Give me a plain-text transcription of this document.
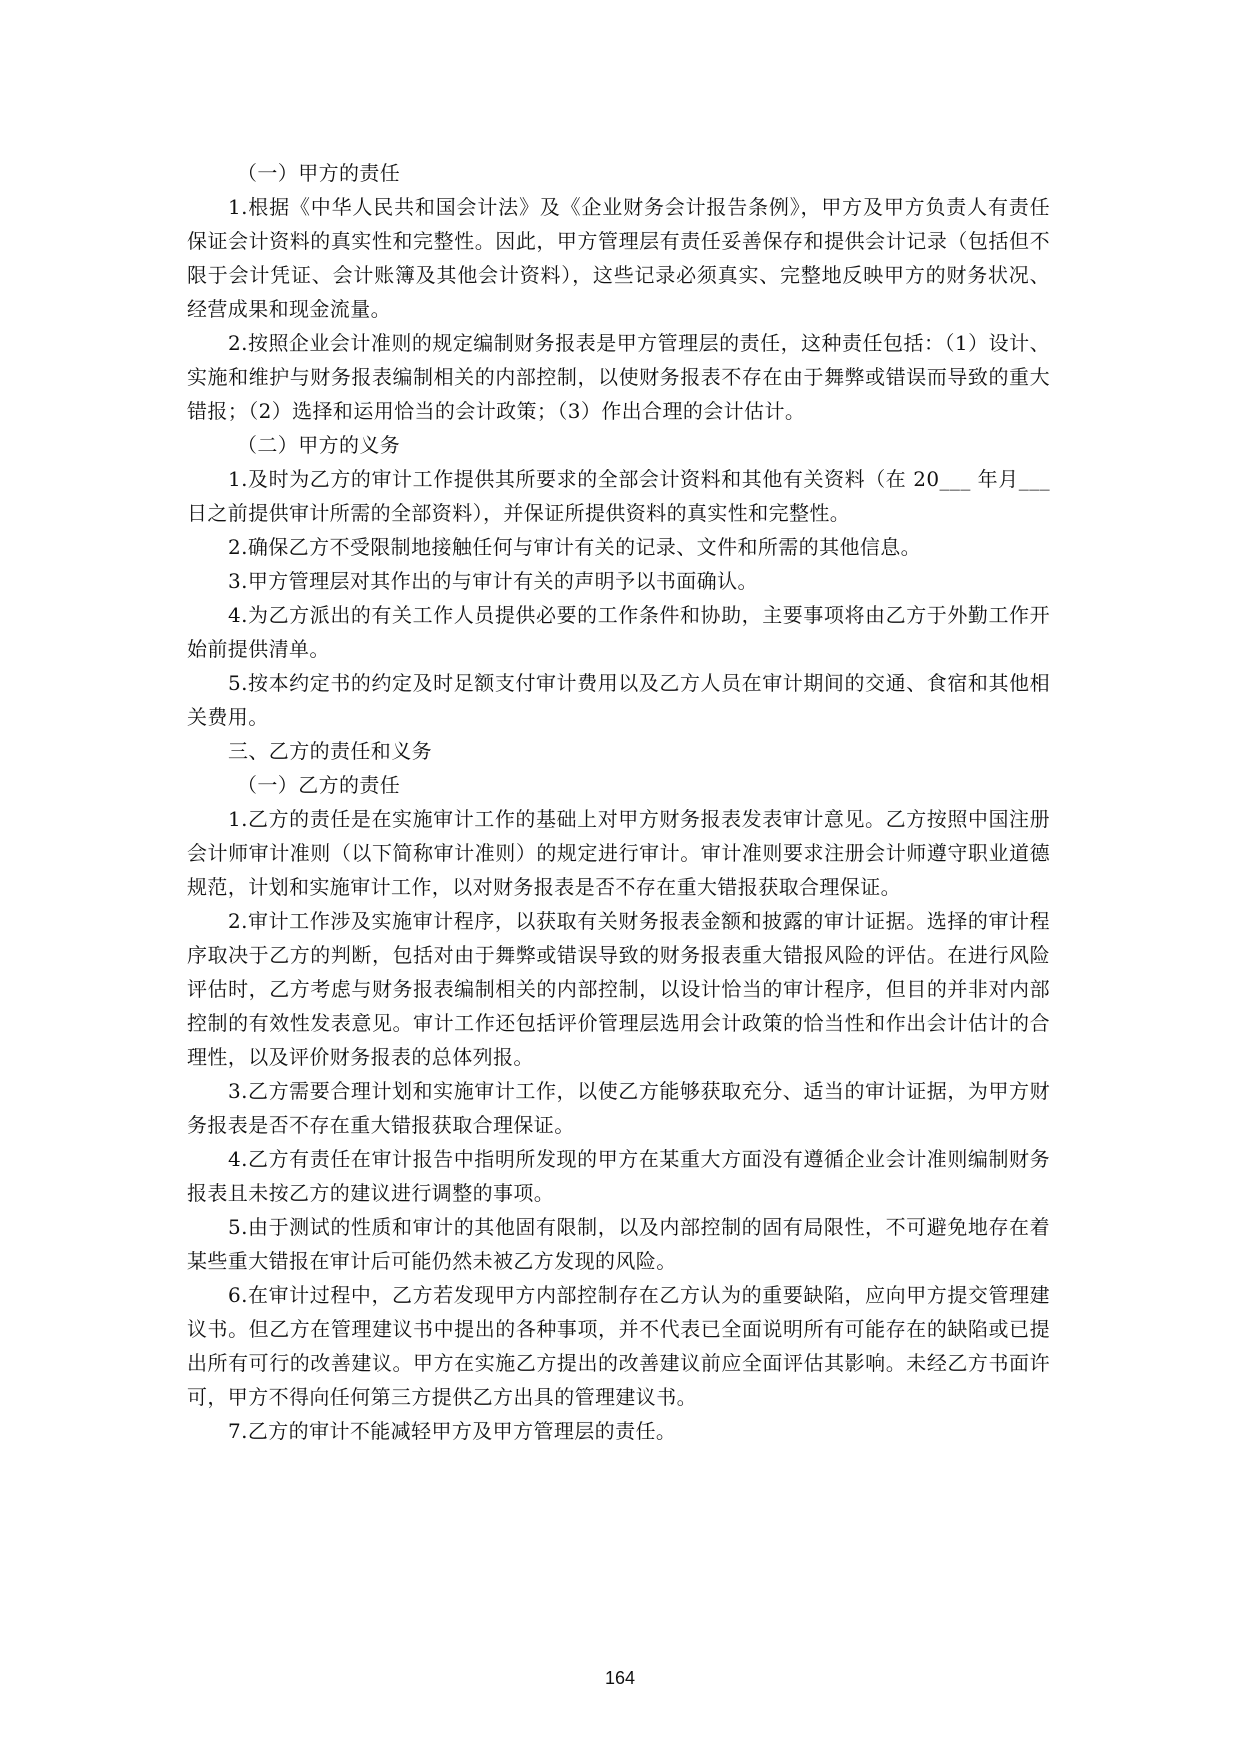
（一）甲方的责任

1.根据《中华人民共和国会计法》及《企业财务会计报告条例》，甲方及甲方负责人有责任保证会计资料的真实性和完整性。因此，甲方管理层有责任妥善保存和提供会计记录（包括但不限于会计凭证、会计账簿及其他会计资料），这些记录必须真实、完整地反映甲方的财务状况、经营成果和现金流量。

2.按照企业会计准则的规定编制财务报表是甲方管理层的责任，这种责任包括：（1）设计、实施和维护与财务报表编制相关的内部控制，以使财务报表不存在由于舞弊或错误而导致的重大错报；（2）选择和运用恰当的会计政策；（3）作出合理的会计估计。

（二）甲方的义务

1.及时为乙方的审计工作提供其所要求的全部会计资料和其他有关资料（在 20___ 年月___日之前提供审计所需的全部资料），并保证所提供资料的真实性和完整性。

2.确保乙方不受限制地接触任何与审计有关的记录、文件和所需的其他信息。

3.甲方管理层对其作出的与审计有关的声明予以书面确认。

4.为乙方派出的有关工作人员提供必要的工作条件和协助，主要事项将由乙方于外勤工作开始前提供清单。

5.按本约定书的约定及时足额支付审计费用以及乙方人员在审计期间的交通、食宿和其他相关费用。

三、乙方的责任和义务

（一）乙方的责任

1.乙方的责任是在实施审计工作的基础上对甲方财务报表发表审计意见。乙方按照中国注册会计师审计准则（以下简称审计准则）的规定进行审计。审计准则要求注册会计师遵守职业道德规范，计划和实施审计工作，以对财务报表是否不存在重大错报获取合理保证。

2.审计工作涉及实施审计程序，以获取有关财务报表金额和披露的审计证据。选择的审计程序取决于乙方的判断，包括对由于舞弊或错误导致的财务报表重大错报风险的评估。在进行风险评估时，乙方考虑与财务报表编制相关的内部控制，以设计恰当的审计程序，但目的并非对内部控制的有效性发表意见。审计工作还包括评价管理层选用会计政策的恰当性和作出会计估计的合理性，以及评价财务报表的总体列报。

3.乙方需要合理计划和实施审计工作，以使乙方能够获取充分、适当的审计证据，为甲方财务报表是否不存在重大错报获取合理保证。

4.乙方有责任在审计报告中指明所发现的甲方在某重大方面没有遵循企业会计准则编制财务报表且未按乙方的建议进行调整的事项。

5.由于测试的性质和审计的其他固有限制，以及内部控制的固有局限性，不可避免地存在着某些重大错报在审计后可能仍然未被乙方发现的风险。

6.在审计过程中，乙方若发现甲方内部控制存在乙方认为的重要缺陷，应向甲方提交管理建议书。但乙方在管理建议书中提出的各种事项，并不代表已全面说明所有可能存在的缺陷或已提出所有可行的改善建议。甲方在实施乙方提出的改善建议前应全面评估其影响。未经乙方书面许可，甲方不得向任何第三方提供乙方出具的管理建议书。

7.乙方的审计不能减轻甲方及甲方管理层的责任。

164
